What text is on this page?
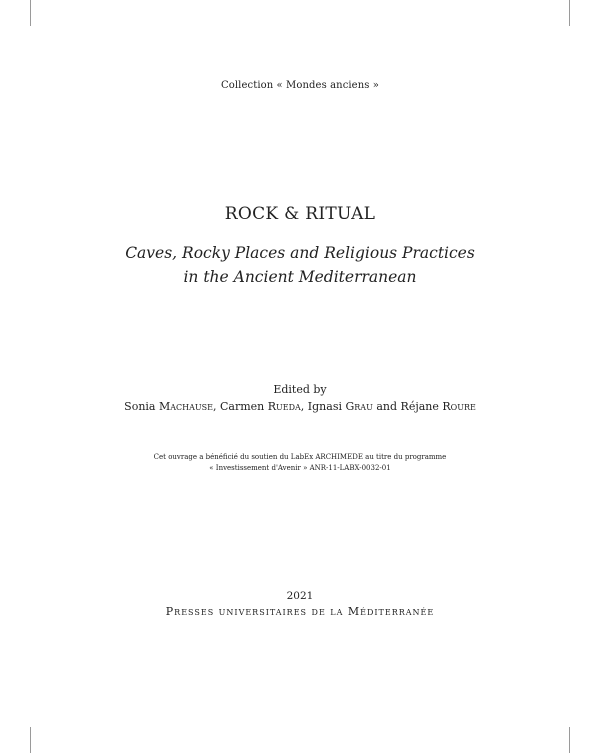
Collection « Mondes anciens »
ROCK & RITUAL
Caves, Rocky Places and Religious Practices
in the Ancient Mediterranean
Edited by
Sonia Machause, Carmen Rueda, Ignasi Grau and Réjane Roure
Cet ouvrage a bénéficié du soutien du LabEx ARCHIMEDE au titre du programme
« Investissement d'Avenir » ANR-11-LABX-0032-01
2021
Presses universitaires de la Méditerranée
